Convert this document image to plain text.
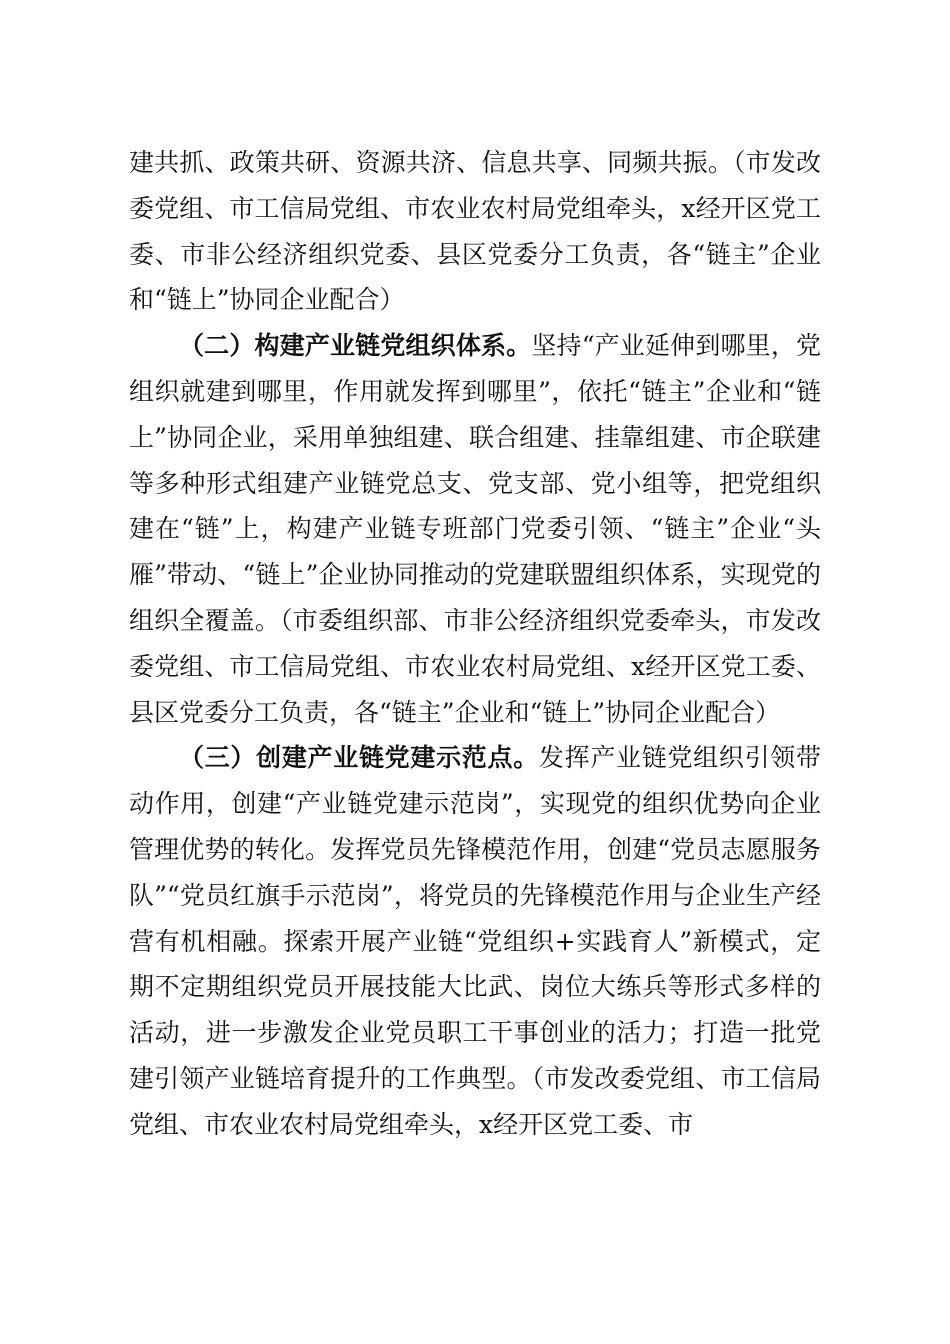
建共抓、政策共研、资源共济、信息共享、同频共振。（市发改委党组、市工信局党组、市农业农村局党组牵头，x经开区党工委、市非公经济组织党委、县区党委分工负责，各“链主”企业和“链上”协同企业配合）

（二）构建产业链党组织体系。坚持“产业延伸到哪里，党组织就建到哪里，作用就发挥到哪里”，依托“链主”企业和“链上”协同企业，采用单独组建、联合组建、挂靠组建、市企联建等多种形式组建产业链党总支、党支部、党小组等，把党组织建在“链”上，构建产业链专班部门党委引领、“链主”企业“头雁”带动、“链上”企业协同推动的党建联盟组织体系，实现党的组织全覆盖。（市委组织部、市非公经济组织党委牵头，市发改委党组、市工信局党组、市农业农村局党组、x经开区党工委、县区党委分工负责，各“链主”企业和“链上”协同企业配合）

（三）创建产业链党建示范点。发挥产业链党组织引领带动作用，创建“产业链党建示范岗”，实现党的组织优势向企业管理优势的转化。发挥党员先锋模范作用，创建“党员志愿服务队”“党员红旗手示范岗”，将党员的先锋模范作用与企业生产经营有机相融。探索开展产业链“党组织+实践育人”新模式，定期不定期组织党员开展技能大比武、岗位大练兵等形式多样的活动，进一步激发企业党员职工干事创业的活力；打造一批党建引领产业链培育提升的工作典型。（市发改委党组、市工信局党组、市农业农村局党组牵头，x经开区党工委、市
